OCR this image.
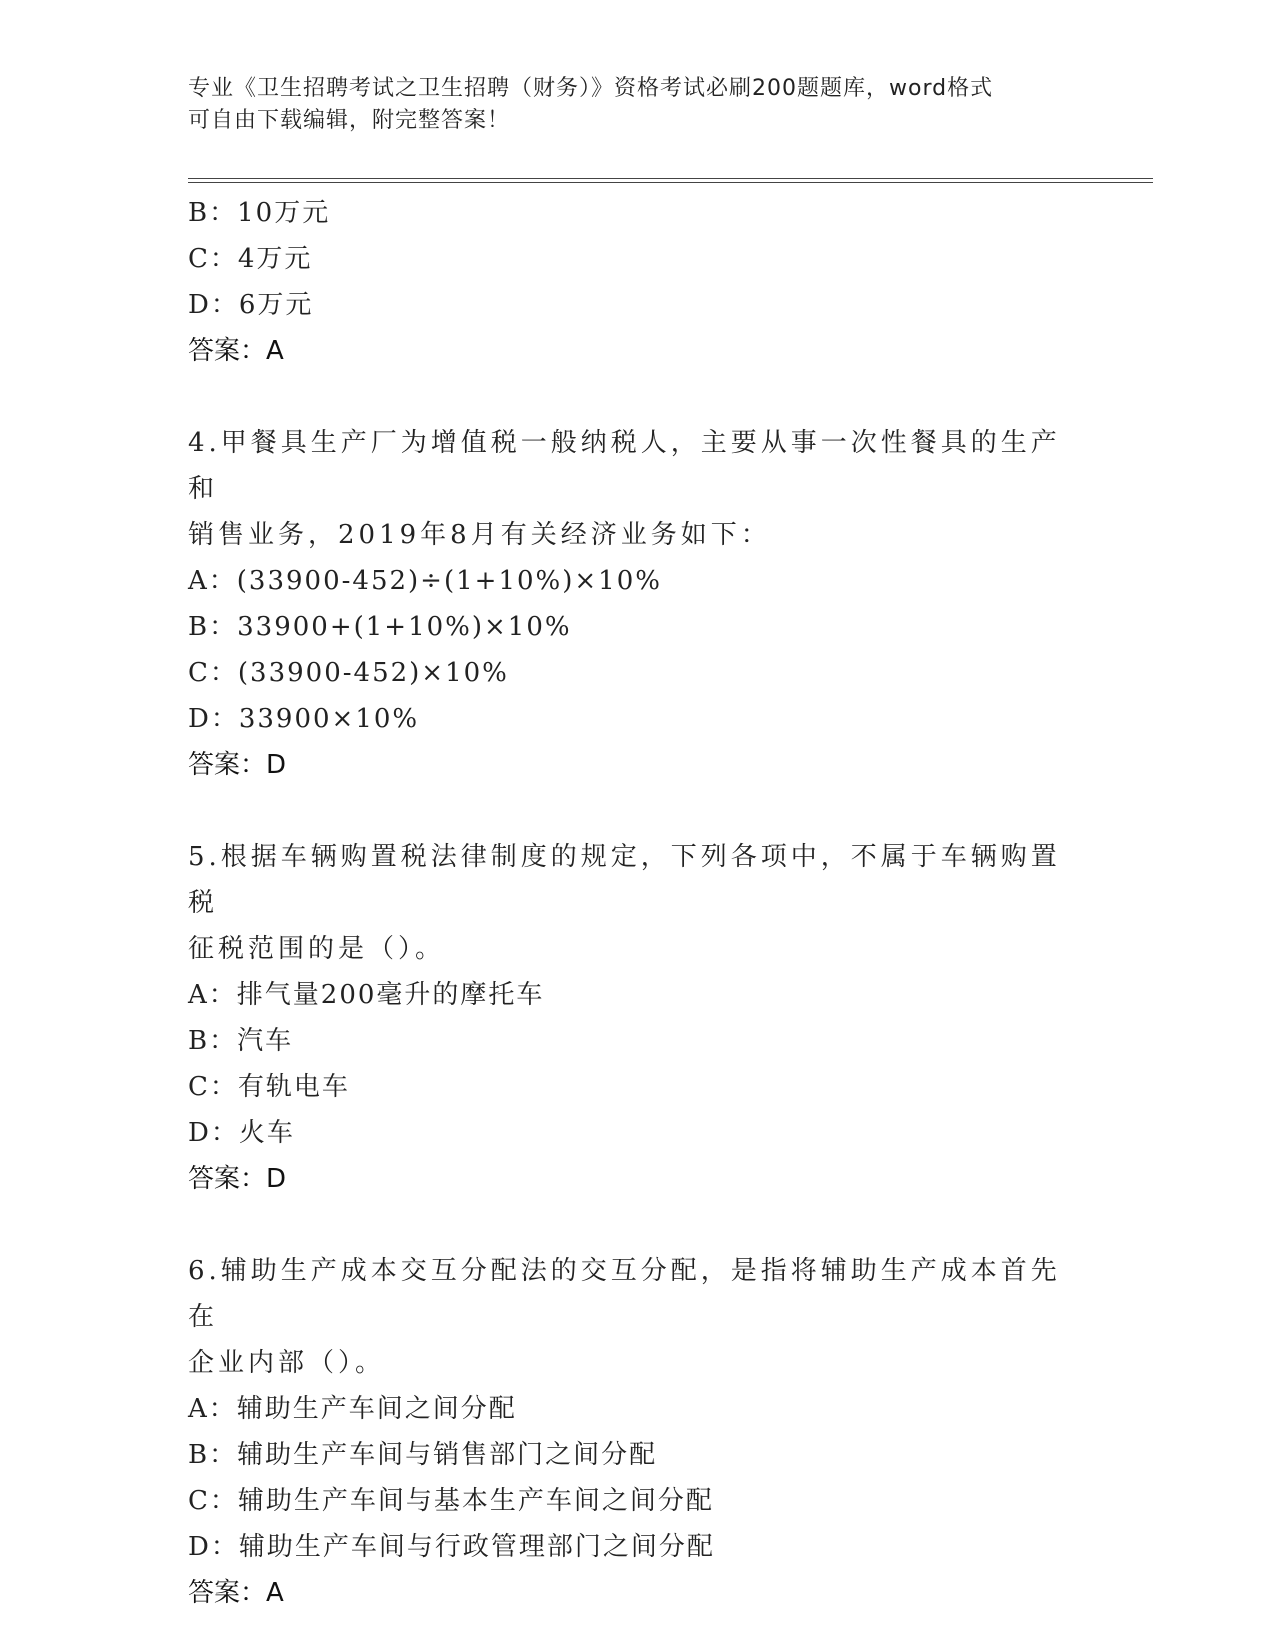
专业《卫生招聘考试之卫生招聘（财务）》资格考试必刷200题题库，word格式
可自由下载编辑，附完整答案！
B：10万元
C：4万元
D：6万元
答案：A
4.甲餐具生产厂为增值税一般纳税人，主要从事一次性餐具的生产和
销售业务，2019年8月有关经济业务如下：
A：(33900-452)÷(1+10%)×10%
B：33900+(1+10%)×10%
C：(33900-452)×10%
D：33900×10%
答案：D
5.根据车辆购置税法律制度的规定，下列各项中，不属于车辆购置税
征税范围的是（）。
A：排气量200毫升的摩托车
B：汽车
C：有轨电车
D：火车
答案：D
6.辅助生产成本交互分配法的交互分配，是指将辅助生产成本首先在
企业内部（）。
A：辅助生产车间之间分配
B：辅助生产车间与销售部门之间分配
C：辅助生产车间与基本生产车间之间分配
D：辅助生产车间与行政管理部门之间分配
答案：A
